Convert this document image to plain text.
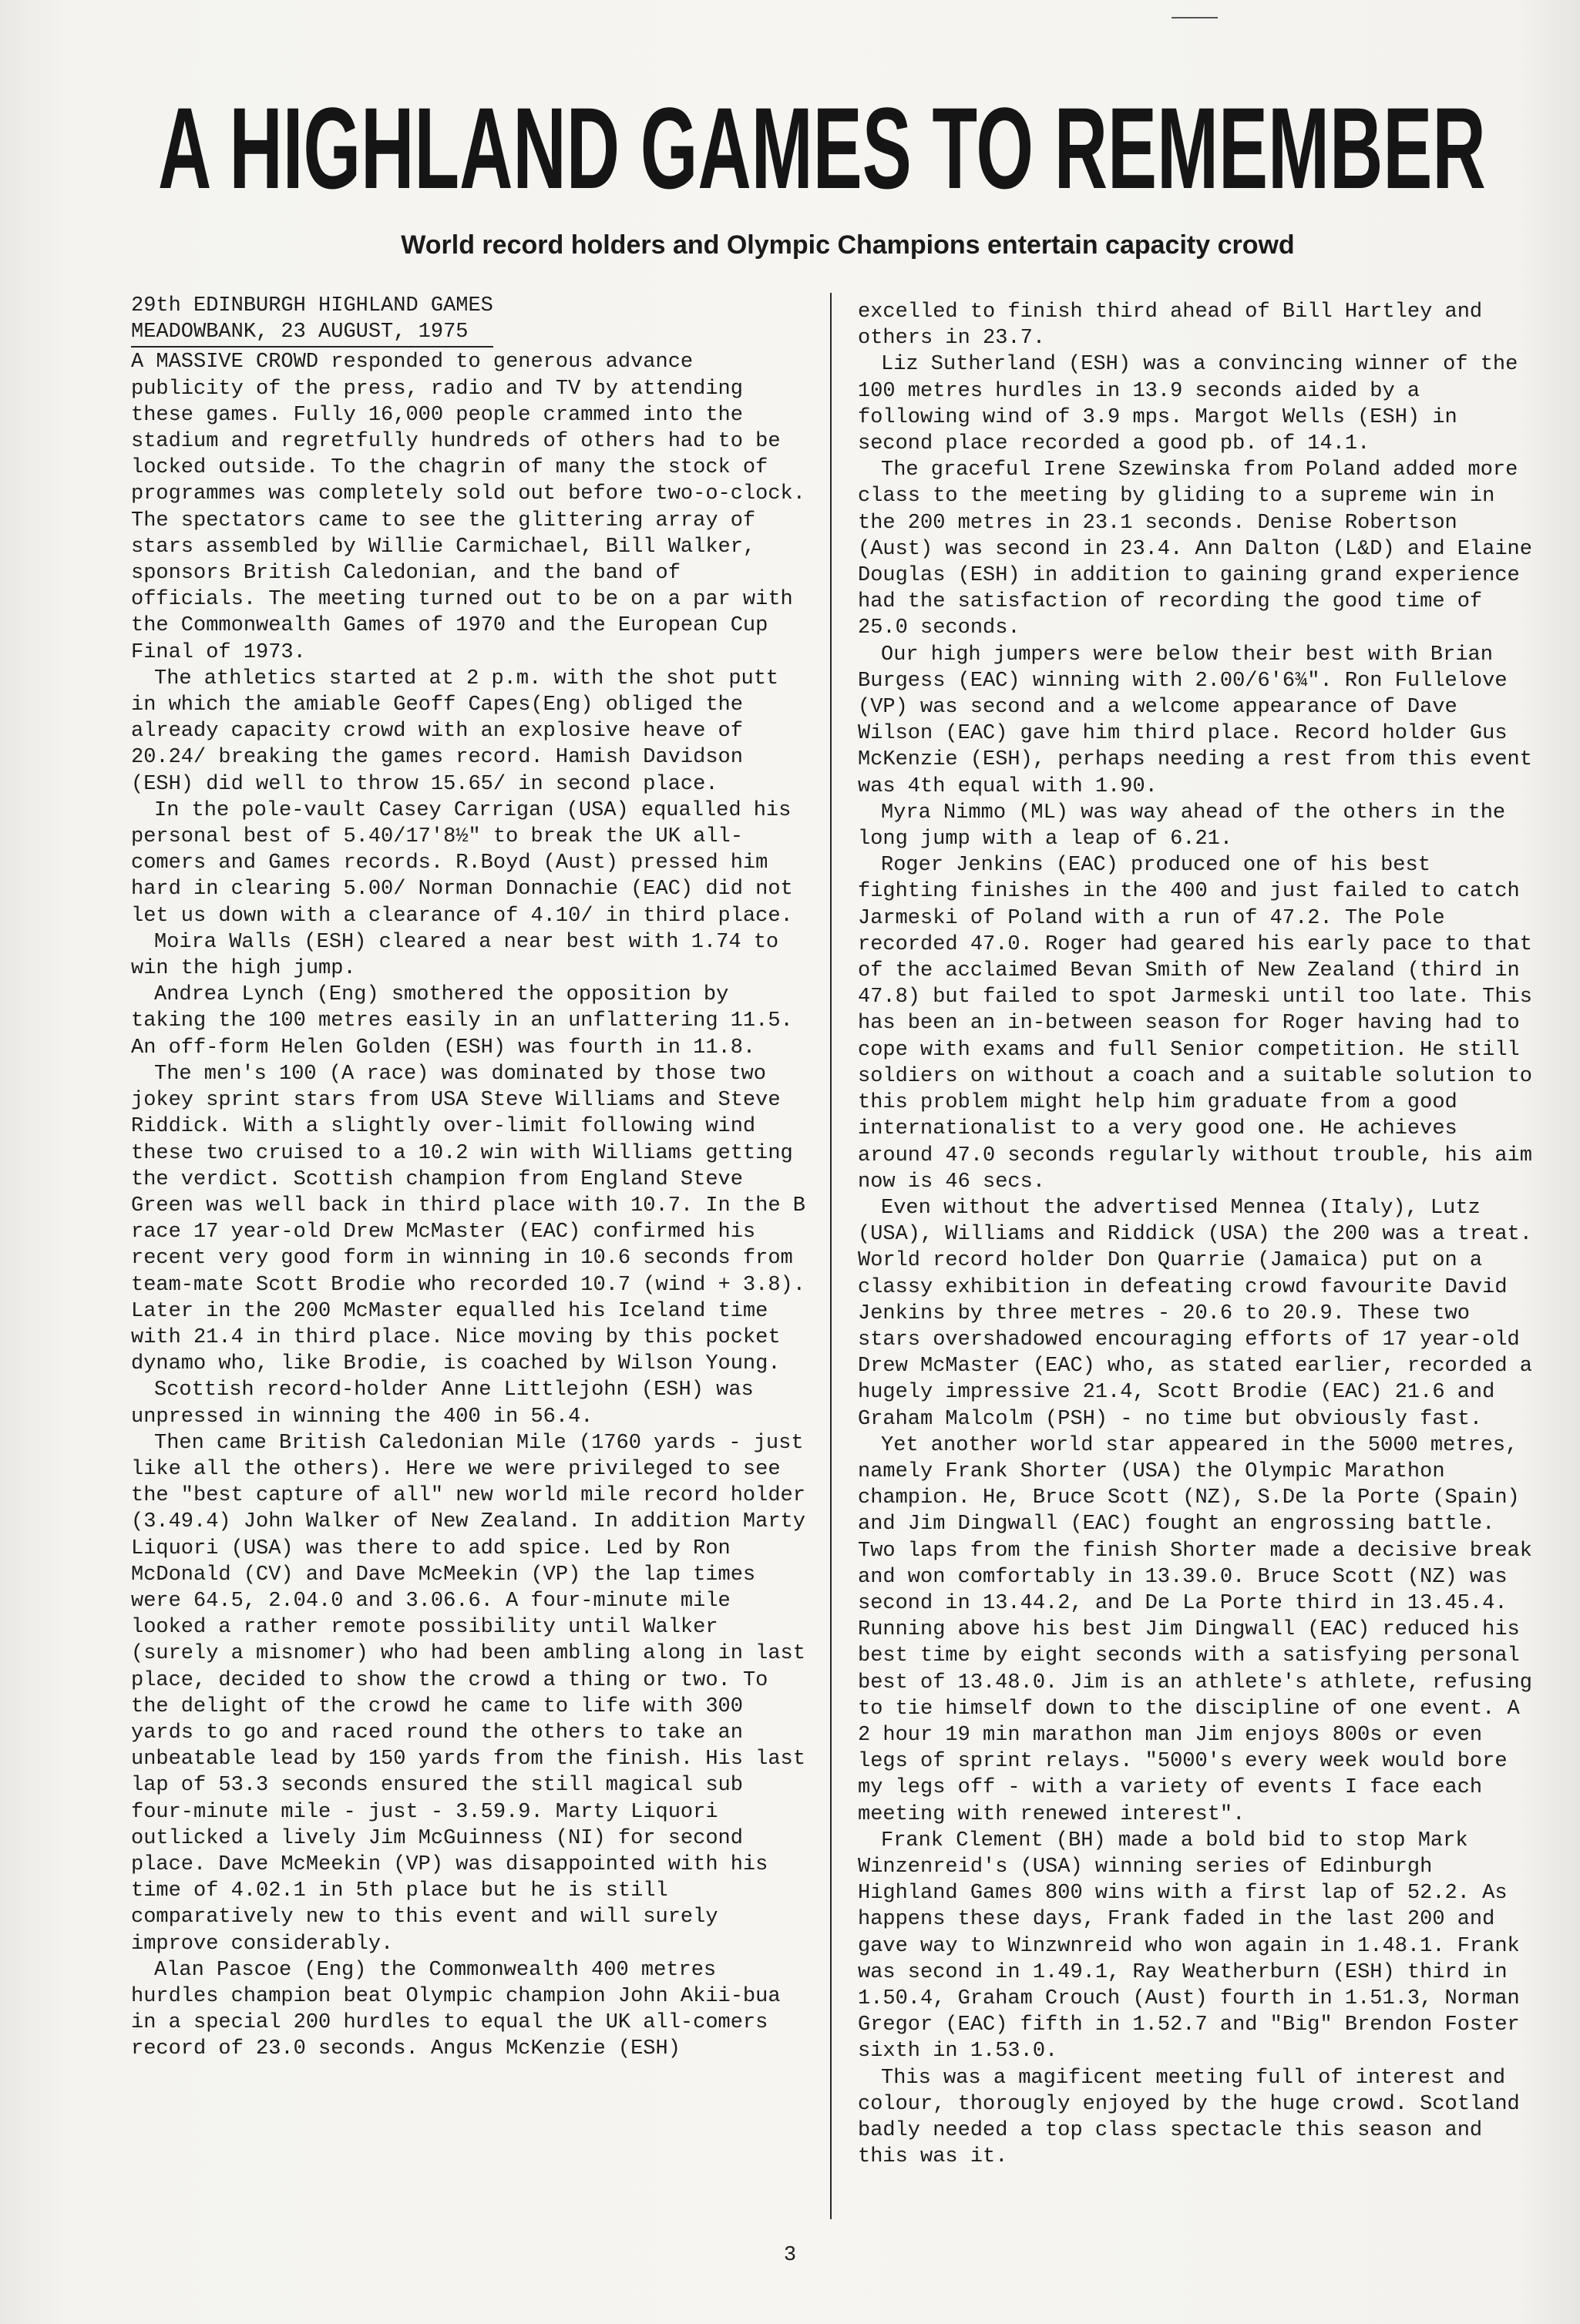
A HIGHLAND GAMES TO REMEMBER
World record holders and Olympic Champions entertain capacity crowd
29th EDINBURGH HIGHLAND GAMES
MEADOWBANK, 23 AUGUST, 1975

A MASSIVE CROWD responded to generous advance publicity of the press, radio and TV by attending these games. Fully 16,000 people crammed into the stadium and regretfully hundreds of others had to be locked outside. To the chagrin of many the stock of programmes was completely sold out before two-o-clock. The spectators came to see the glittering array of stars assembled by Willie Carmichael, Bill Walker, sponsors British Caledonian, and the band of officials. The meeting turned out to be on a par with the Commonwealth Games of 1970 and the European Cup Final of 1973.

The athletics started at 2 p.m. with the shot putt in which the amiable Geoff Capes(Eng) obliged the already capacity crowd with an explosive heave of 20.24/ breaking the games record. Hamish Davidson (ESH) did well to throw 15.65/ in second place.

In the pole-vault Casey Carrigan (USA) equalled his personal best of 5.40/17'8½" to break the UK all-comers and Games records. R.Boyd (Aust) pressed him hard in clearing 5.00/ Norman Donnachie (EAC) did not let us down with a clearance of 4.10/ in third place.

Moira Walls (ESH) cleared a near best with 1.74 to win the high jump.

Andrea Lynch (Eng) smothered the opposition by taking the 100 metres easily in an unflattering 11.5. An off-form Helen Golden (ESH) was fourth in 11.8.

The men's 100 (A race) was dominated by those two jokey sprint stars from USA Steve Williams and Steve Riddick. With a slightly over-limit following wind these two cruised to a 10.2 win with Williams getting the verdict. Scottish champion from England Steve Green was well back in third place with 10.7. In the B race 17 year-old Drew McMaster (EAC) confirmed his recent very good form in winning in 10.6 seconds from team-mate Scott Brodie who recorded 10.7 (wind + 3.8). Later in the 200 McMaster equalled his Iceland time with 21.4 in third place. Nice moving by this pocket dynamo who, like Brodie, is coached by Wilson Young.

Scottish record-holder Anne Littlejohn (ESH) was unpressed in winning the 400 in 56.4.

Then came British Caledonian Mile (1760 yards - just like all the others). Here we were privileged to see the "best capture of all" new world mile record holder (3.49.4) John Walker of New Zealand. In addition Marty Liquori (USA) was there to add spice. Led by Ron McDonald (CV) and Dave McMeekin (VP) the lap times were 64.5, 2.04.0 and 3.06.6. A four-minute mile looked a rather remote possibility until Walker (surely a misnomer) who had been ambling along in last place, decided to show the crowd a thing or two. To the delight of the crowd he came to life with 300 yards to go and raced round the others to take an unbeatable lead by 150 yards from the finish. His last lap of 53.3 seconds ensured the still magical sub four-minute mile - just - 3.59.9. Marty Liquori outlicked a lively Jim McGuinness (NI) for second place. Dave McMeekin (VP) was disappointed with his time of 4.02.1 in 5th place but he is still comparatively new to this event and will surely improve considerably.

Alan Pascoe (Eng) the Commonwealth 400 metres hurdles champion beat Olympic champion John Akii-bua in a special 200 hurdles to equal the UK all-comers record of 23.0 seconds. Angus McKenzie (ESH)

excelled to finish third ahead of Bill Hartley and others in 23.7.

Liz Sutherland (ESH) was a convincing winner of the 100 metres hurdles in 13.9 seconds aided by a following wind of 3.9 mps. Margot Wells (ESH) in second place recorded a good pb. of 14.1.

The graceful Irene Szewinska from Poland added more class to the meeting by gliding to a supreme win in the 200 metres in 23.1 seconds. Denise Robertson (Aust) was second in 23.4. Ann Dalton (L&D) and Elaine Douglas (ESH) in addition to gaining grand experience had the satisfaction of recording the good time of 25.0 seconds.

Our high jumpers were below their best with Brian Burgess (EAC) winning with 2.00/6'6¾". Ron Fullelove (VP) was second and a welcome appearance of Dave Wilson (EAC) gave him third place. Record holder Gus McKenzie (ESH), perhaps needing a rest from this event was 4th equal with 1.90.

Myra Nimmo (ML) was way ahead of the others in the long jump with a leap of 6.21.

Roger Jenkins (EAC) produced one of his best fighting finishes in the 400 and just failed to catch Jarmeski of Poland with a run of 47.2. The Pole recorded 47.0. Roger had geared his early pace to that of the acclaimed Bevan Smith of New Zealand (third in 47.8) but failed to spot Jarmeski until too late. This has been an in-between season for Roger having had to cope with exams and full Senior competition. He still soldiers on without a coach and a suitable solution to this problem might help him graduate from a good internationalist to a very good one. He achieves around 47.0 seconds regularly without trouble, his aim now is 46 secs.

Even without the advertised Mennea (Italy), Lutz (USA), Williams and Riddick (USA) the 200 was a treat. World record holder Don Quarrie (Jamaica) put on a classy exhibition in defeating crowd favourite David Jenkins by three metres - 20.6 to 20.9. These two stars overshadowed encouraging efforts of 17 year-old Drew McMaster (EAC) who, as stated earlier, recorded a hugely impressive 21.4, Scott Brodie (EAC) 21.6 and Graham Malcolm (PSH) - no time but obviously fast.

Yet another world star appeared in the 5000 metres, namely Frank Shorter (USA) the Olympic Marathon champion. He, Bruce Scott (NZ), S.De la Porte (Spain) and Jim Dingwall (EAC) fought an engrossing battle. Two laps from the finish Shorter made a decisive break and won comfortably in 13.39.0. Bruce Scott (NZ) was second in 13.44.2, and De La Porte third in 13.45.4. Running above his best Jim Dingwall (EAC) reduced his best time by eight seconds with a satisfying personal best of 13.48.0. Jim is an athlete's athlete, refusing to tie himself down to the discipline of one event. A 2 hour 19 min marathon man Jim enjoys 800s or even legs of sprint relays. "5000's every week would bore my legs off - with a variety of events I face each meeting with renewed interest".

Frank Clement (BH) made a bold bid to stop Mark Winzenreid's (USA) winning series of Edinburgh Highland Games 800 wins with a first lap of 52.2. As happens these days, Frank faded in the last 200 and gave way to Winzwnreid who won again in 1.48.1. Frank was second in 1.49.1, Ray Weatherburn (ESH) third in 1.50.4, Graham Crouch (Aust) fourth in 1.51.3, Norman Gregor (EAC) fifth in 1.52.7 and "Big" Brendon Foster sixth in 1.53.0.

This was a magificent meeting full of interest and colour, thorougly enjoyed by the huge crowd. Scotland badly needed a top class spectacle this season and this was it.

3
